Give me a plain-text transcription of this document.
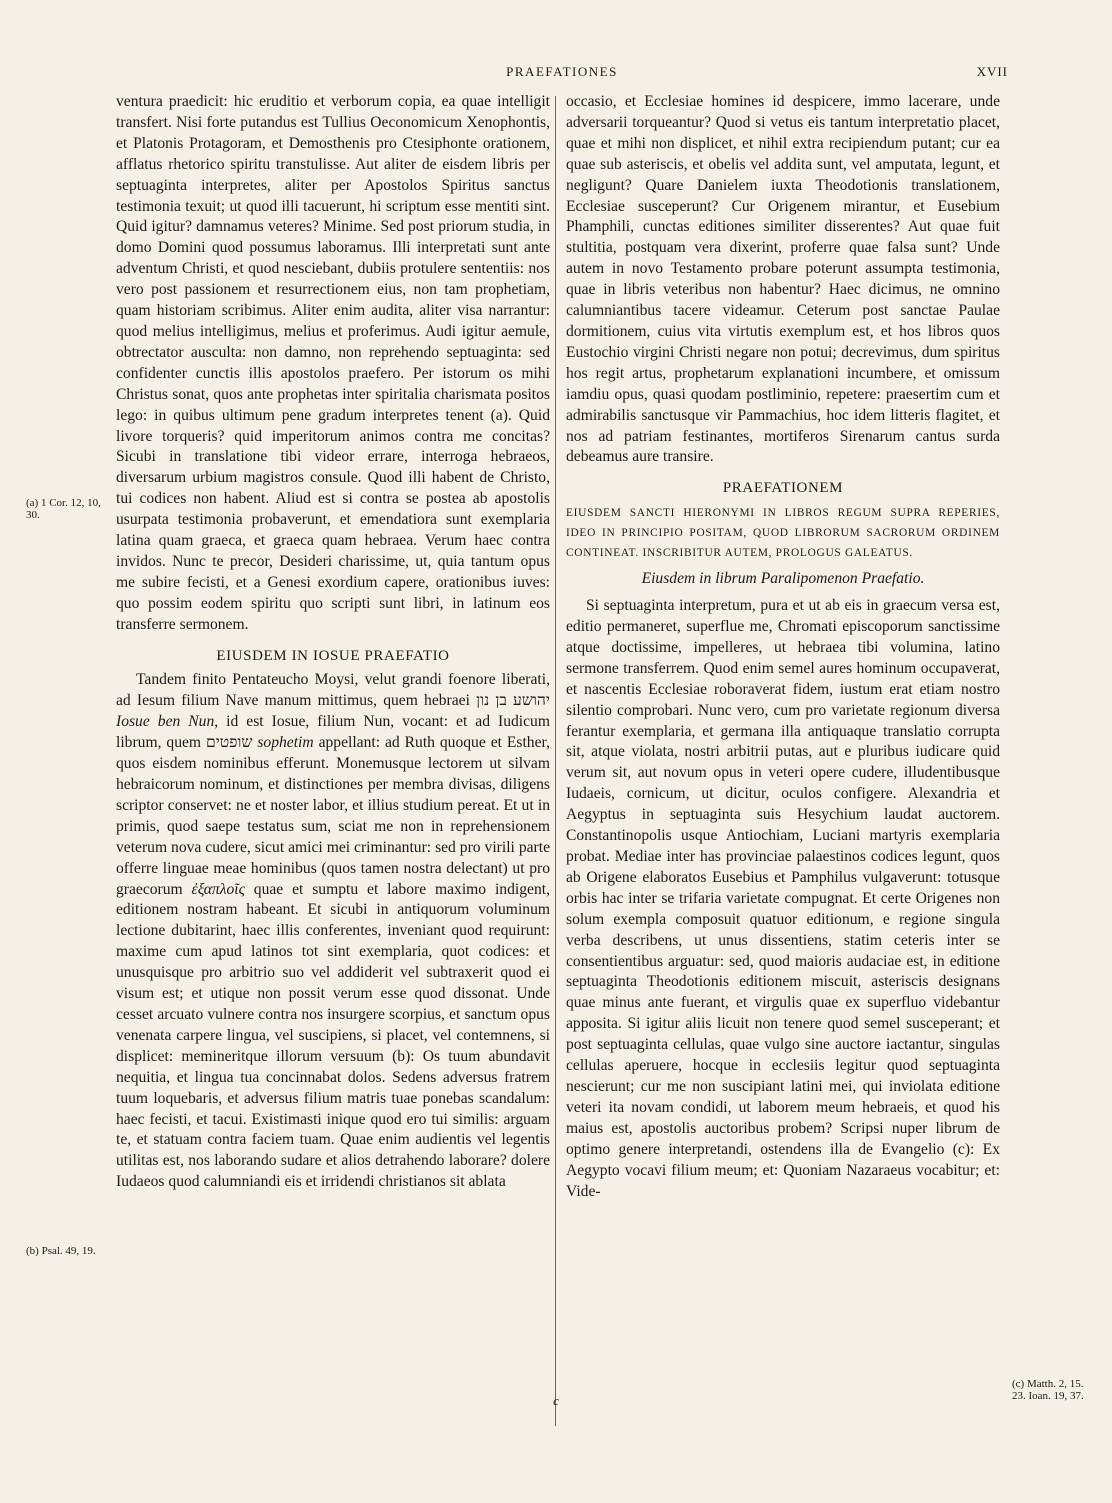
PRAEFATIONES	XVII

ventura praedicit: hic eruditio et verborum copia, ea quae intelligit transfert. Nisi forte putandus est Tullius Oeconomicum Xenophontis, et Platonis Protagoram, et Demosthenis pro Ctesiphonte orationem, afflatus rhetorico spiritu transtulisse. Aut aliter de eisdem libris per septuaginta interpretes, aliter per Apostolos Spiritus sanctus testimonia texuit; ut quod illi tacuerunt, hi scriptum esse mentiti sint. Quid igitur? damnamus veteres? Minime. Sed post priorum studia, in domo Domini quod possumus laboramus. Illi interpretati sunt ante adventum Christi, et quod nesciebant, dubiis protulere sententiis: nos vero post passionem et resurrectionem eius, non tam prophetiam, quam historiam scribimus. Aliter enim audita, aliter visa narrantur: quod melius intelligimus, melius et proferimus. Audi igitur aemule, obtrectator ausculta: non damno, non reprehendo septuaginta: sed confidenter cunctis illis apostolos praefero. Per istorum os mihi Christus sonat, quos ante prophetas inter spiritalia charismata positos lego: in quibus ultimum pene gradum interpretes tenent (a). Quid livore torqueris? quid imperitorum animos contra me concitas? Sicubi in translatione tibi videor errare, interroga hebraeos, diversarum urbium magistros consule. Quod illi habent de Christo, tui codices non habent. Aliud est si contra se postea ab apostolis usurpata testimonia probaverunt, et emendatiora sunt exemplaria latina quam graeca, et graeca quam hebraea. Verum haec contra invidos. Nunc te precor, Desideri charissime, ut, quia tantum opus me subire fecisti, et a Genesi exordium capere, orationibus iuves: quo possim eodem spiritu quo scripti sunt libri, in latinum eos transferre sermonem.

EIUSDEM IN IOSUE PRAEFATIO

Tandem finito Pentateucho Moysi, velut grandi foenore liberati, ad Iesum filium Nave manum mittimus, quem hebraei יהושע בן נון Iosue ben Nun, id est Iosue, filium Nun, vocant: et ad Iudicum librum, quem שופטים sophetim appellant: ad Ruth quoque et Esther, quos eisdem nominibus efferunt. Monemusque lectorem ut silvam hebraicorum nominum, et distinctiones per membra divisas, diligens scriptor conservet: ne et noster labor, et illius studium pereat. Et ut in primis, quod saepe testatus sum, sciat me non in reprehensionem veterum nova cudere, sicut amici mei criminantur: sed pro virili parte offerre linguae meae hominibus (quos tamen nostra delectant) ut pro graecorum ἐξαπλοῖς quae et sumptu et labore maximo indigent, editionem nostram habeant. Et sicubi in antiquorum voluminum lectione dubitarint, haec illis conferentes, inveniant quod requirunt: maxime cum apud latinos tot sint exemplaria, quot codices: et unusquisque pro arbitrio suo vel addiderit vel subtraxerit quod ei visum est; et utique non possit verum esse quod dissonat. Unde cesset arcuato vulnere contra nos insurgere scorpius, et sanctum opus venenata carpere lingua, vel suscipiens, si placet, vel contemnens, si displicet: memineritque illorum versuum (b): Os tuum abundavit nequitia, et lingua tua concinnabat dolos. Sedens adversus fratrem tuum loquebaris, et adversus filium matris tuae ponebas scandalum: haec fecisti, et tacui. Existimasti inique quod ero tui similis: arguam te, et statuam contra faciem tuam. Quae enim audientis vel legentis utilitas est, nos laborando sudare et alios detrahendo laborare? dolere Iudaeos quod calumniandi eis et irridendi christianos sit ablata

occasio, et Ecclesiae homines id despicere, immo lacerare, unde adversarii torqueantur? Quod si vetus eis tantum interpretatio placet, quae et mihi non displicet, et nihil extra recipiendum putant; cur ea quae sub asteriscis, et obelis vel addita sunt, vel amputata, legunt, et negligunt? Quare Danielem iuxta Theodotionis translationem, Ecclesiae susceperunt? Cur Origenem mirantur, et Eusebium Phamphili, cunctas editiones similiter disserentes? Aut quae fuit stultitia, postquam vera dixerint, proferre quae falsa sunt? Unde autem in novo Testamento probare poterunt assumpta testimonia, quae in libris veteribus non habentur? Haec dicimus, ne omnino calumniantibus tacere videamur. Ceterum post sanctae Paulae dormitionem, cuius vita virtutis exemplum est, et hos libros quos Eustochio virgini Christi negare non potui; decrevimus, dum spiritus hos regit artus, prophetarum explanationi incumbere, et omissum iamdiu opus, quasi quodam postliminio, repetere: praesertim cum et admirabilis sanctusque vir Pammachius, hoc idem litteris flagitet, et nos ad patriam festinantes, mortiferos Sirenarum cantus surda debeamus aure transire.

PRAEFATIONEM
EIUSDEM SANCTI HIERONYMI IN LIBROS REGUM SUPRA REPERIES, IDEO IN PRINCIPIO POSITAM, QUOD LIBRORUM SACRORUM ORDINEM CONTINEAT. INSCRIBITUR AUTEM, PROLOGUS GALEATUS.
Eiusdem in librum Paralipomenon Praefatio.

Si septuaginta interpretum, pura et ut ab eis in graecum versa est, editio permaneret, superflue me, Chromati episcoporum sanctissime atque doctissime, impelleres, ut hebraea tibi volumina, latino sermone transferrem. Quod enim semel aures hominum occupaverat, et nascentis Ecclesiae roboraverat fidem, iustum erat etiam nostro silentio comprobari. Nunc vero, cum pro varietate regionum diversa ferantur exemplaria, et germana illa antiquaque translatio corrupta sit, atque violata, nostri arbitrii putas, aut e pluribus iudicare quid verum sit, aut novum opus in veteri opere cudere, illudentibusque Iudaeis, cornicum, ut dicitur, oculos configere. Alexandria et Aegyptus in septuaginta suis Hesychium laudat auctorem. Constantinopolis usque Antiochiam, Luciani martyris exemplaria probat. Mediae inter has provinciae palaestinos codices legunt, quos ab Origene elaboratos Eusebius et Pamphilus vulgaverunt: totusque orbis hac inter se trifaria varietate compugnat. Et certe Origenes non solum exempla composuit quatuor editionum, e regione singula verba describens, ut unus dissentiens, statim ceteris inter se consentientibus arguatur: sed, quod maioris audaciae est, in editione septuaginta Theodotionis editionem miscuit, asteriscis designans quae minus ante fuerant, et virgulis quae ex superfluo videbantur apposita. Si igitur aliis licuit non tenere quod semel susceperant; et post septuaginta cellulas, quae vulgo sine auctore iactantur, singulas cellulas aperuere, hocque in ecclesiis legitur quod septuaginta nescierunt; cur me non suscipiant latini mei, qui inviolata editione veteri ita novam condidi, ut laborem meum hebraeis, et quod his maius est, apostolis auctoribus probem? Scripsi nuper librum de optimo genere interpretandi, ostendens illa de Evangelio (c): Ex Aegypto vocavi filium meum; et: Quoniam Nazaraeus vocabitur; et: Vide-

(a) 1 Cor. 12, 10, 30.
(b) Psal. 49, 19.
(c) Matth. 2, 15. 23. Ioan. 19, 37.
c
